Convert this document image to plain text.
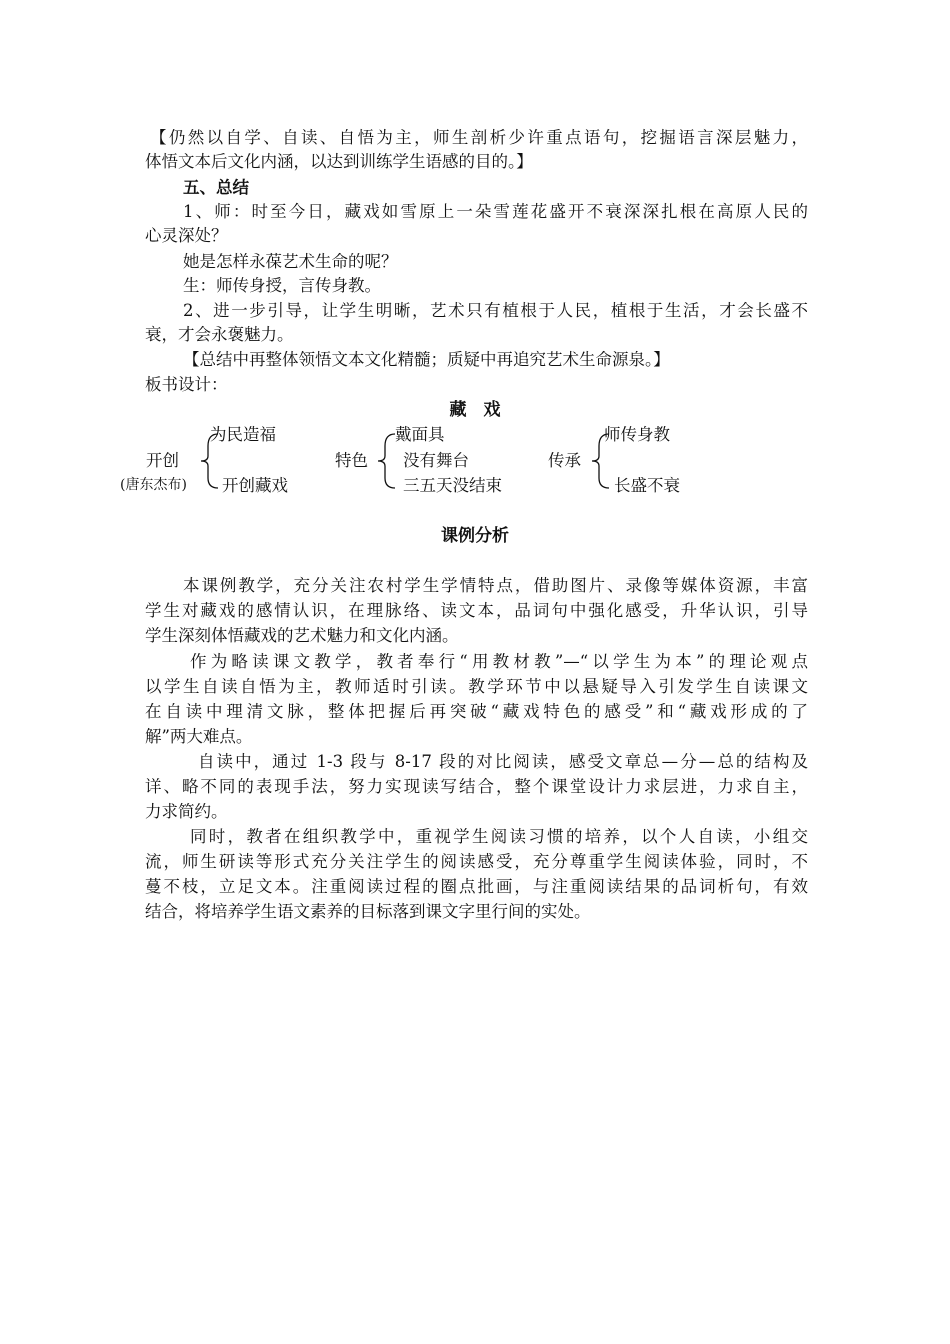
【仍然以自学、自读、自悟为主，师生剖析少许重点语句，挖掘语言深层魅力，
体悟文本后文化内涵，以达到训练学生语感的目的。】
五、总结
1、师：时至今日，藏戏如雪原上一朵雪莲花盛开不衰深深扎根在高原人民的
心灵深处？
她是怎样永葆艺术生命的呢？
生：师传身授，言传身教。
2、进一步引导，让学生明晰，艺术只有植根于人民，植根于生活，才会长盛不
衰，才会永褒魅力。
【总结中再整体领悟文本文化精髓；质疑中再追究艺术生命源泉。】
板书设计：
藏　戏
开创
(唐东杰布)
为民造福
开创藏戏
特色
戴面具
没有舞台
三五天没结束
传承
师传身教
长盛不衰
课例分析
本课例教学，充分关注农村学生学情特点，借助图片、录像等媒体资源，丰富
学生对藏戏的感情认识，在理脉络、读文本，品词句中强化感受，升华认识，引导
学生深刻体悟藏戏的艺术魅力和文化内涵。
作为略读课文教学，教者奉行“用教材教”—“以学生为本”的理论观点
以学生自读自悟为主，教师适时引读。教学环节中以悬疑导入引发学生自读课文
在自读中理清文脉，整体把握后再突破“藏戏特色的感受”和“藏戏形成的了
解”两大难点。
自读中，通过 1-3 段与 8-17 段的对比阅读，感受文章总—分—总的结构及
详、略不同的表现手法，努力实现读写结合，整个课堂设计力求层进，力求自主，
力求简约。
同时，教者在组织教学中，重视学生阅读习惯的培养，以个人自读，小组交
流，师生研读等形式充分关注学生的阅读感受，充分尊重学生阅读体验，同时，不
蔓不枝，立足文本。注重阅读过程的圈点批画，与注重阅读结果的品词析句，有效
结合，将培养学生语文素养的目标落到课文字里行间的实处。
